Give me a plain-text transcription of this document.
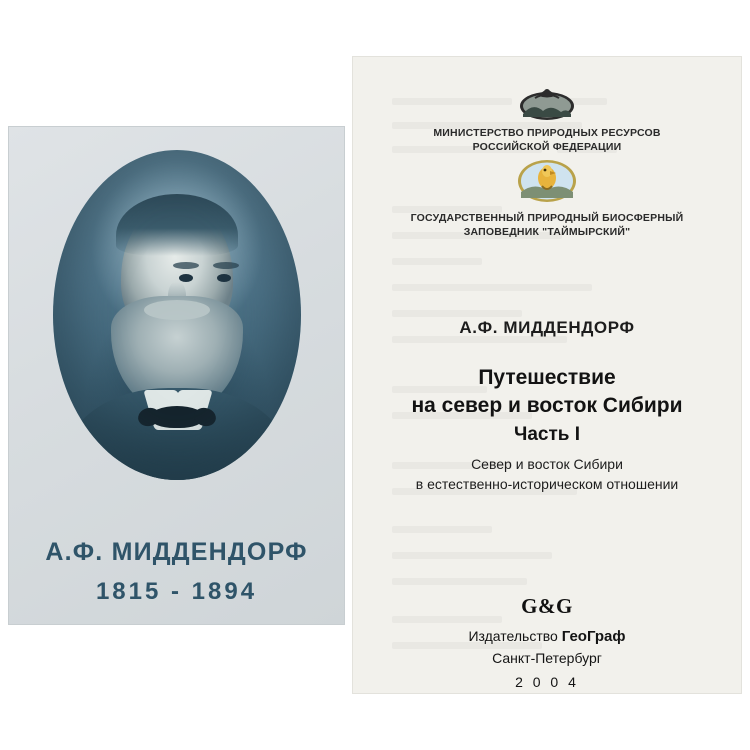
А.Ф. МИДДЕНДОРФ
1815 - 1894
МИНИСТЕРСТВО ПРИРОДНЫХ РЕСУРСОВ
РОССИЙСКОЙ ФЕДЕРАЦИИ
ГОСУДАРСТВЕННЫЙ ПРИРОДНЫЙ БИОСФЕРНЫЙ
ЗАПОВЕДНИК "ТАЙМЫРСКИЙ"
А.Ф. МИДДЕНДОРФ
Путешествие
на север и восток Сибири
Часть I
Север и восток Сибири
в естественно-историческом отношении
G&G
Издательство ГеоГраф
Санкт-Петербург
2 0 0 4
